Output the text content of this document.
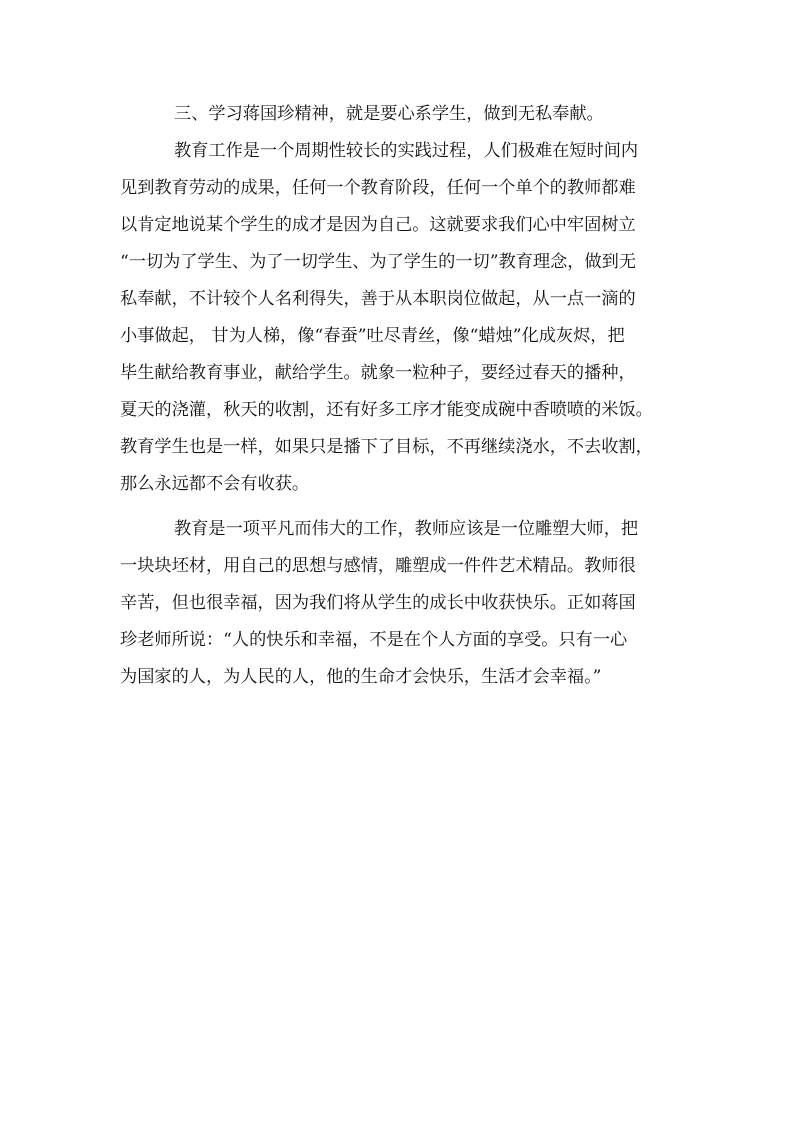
三、学习蒋国珍精神，就是要心系学生，做到无私奉献。
教育工作是一个周期性较长的实践过程，人们极难在短时间内
见到教育劳动的成果，任何一个教育阶段，任何一个单个的教师都难
以肯定地说某个学生的成才是因为自己。这就要求我们心中牢固树立
“一切为了学生、为了一切学生、为了学生的一切”教育理念，做到无
私奉献，不计较个人名利得失，善于从本职岗位做起，从一点一滴的
小事做起， 甘为人梯，像“春蚕”吐尽青丝，像“蜡烛”化成灰烬，把
毕生献给教育事业，献给学生。就象一粒种子，要经过春天的播种，
夏天的浇灌，秋天的收割，还有好多工序才能变成碗中香喷喷的米饭。
教育学生也是一样，如果只是播下了目标，不再继续浇水，不去收割，
那么永远都不会有收获。
教育是一项平凡而伟大的工作，教师应该是一位雕塑大师，把
一块块坯材，用自己的思想与感情，雕塑成一件件艺术精品。教师很
辛苦，但也很幸福，因为我们将从学生的成长中收获快乐。正如蒋国
珍老师所说：“人的快乐和幸福，不是在个人方面的享受。只有一心
为国家的人，为人民的人，他的生命才会快乐，生活才会幸福。”
